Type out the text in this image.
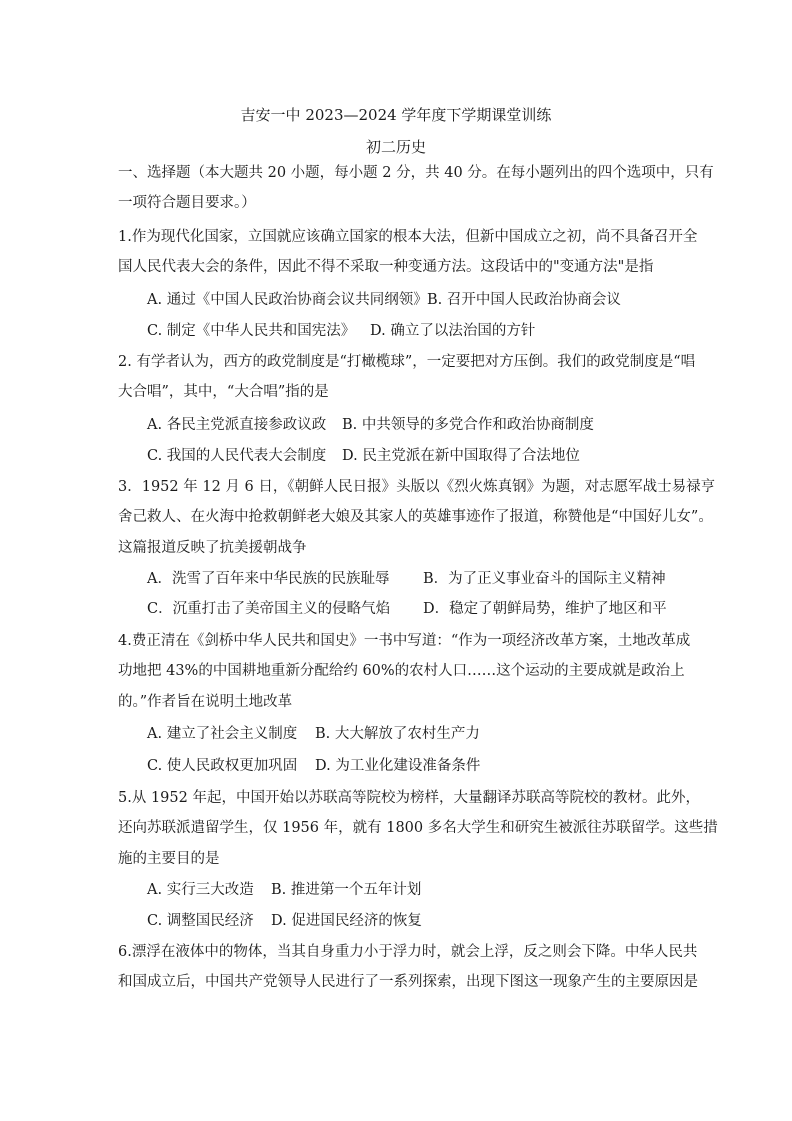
吉安一中 2023—2024 学年度下学期课堂训练
初二历史
一、选择题（本大题共 20 小题，每小题 2 分，共 40 分。在每小题列出的四个选项中，只有
一项符合题目要求。）
1.作为现代化国家，立国就应该确立国家的根本大法，但新中国成立之初，尚不具备召开全
国人民代表大会的条件，因此不得不采取一种变通方法。这段话中的"变通方法"是指
A. 通过《中国人民政治协商会议共同纲领》 B. 召开中国人民政治协商会议
C. 制定《中华人民共和国宪法》 D. 确立了以法治国的方针
2. 有学者认为，西方的政党制度是“打橄榄球”，一定要把对方压倒。我们的政党制度是“唱
大合唱”，其中，“大合唱”指的是
A. 各民主党派直接参政议政 B. 中共领导的多党合作和政治协商制度
C. 我国的人民代表大会制度 D. 民主党派在新中国取得了合法地位
3．1952 年 12 月 6 日，《朝鲜人民日报》头版以《烈火炼真钢》为题，对志愿军战士易禄亨
舍己救人、在火海中抢救朝鲜老大娘及其家人的英雄事迹作了报道，称赞他是“中国好儿女”。
这篇报道反映了抗美援朝战争
A．洗雪了百年来中华民族的民族耻辱 B．为了正义事业奋斗的国际主义精神
C．沉重打击了美帝国主义的侵略气焰 D．稳定了朝鲜局势，维护了地区和平
4.费正清在《剑桥中华人民共和国史》一书中写道：“作为一项经济改革方案，土地改革成
功地把 43%的中国耕地重新分配给约 60%的农村人口……这个运动的主要成就是政治上
的。”作者旨在说明土地改革
A. 建立了社会主义制度 B. 大大解放了农村生产力
C. 使人民政权更加巩固 D. 为工业化建设准备条件
5.从 1952 年起，中国开始以苏联高等院校为榜样，大量翻译苏联高等院校的教材。此外，
还向苏联派遣留学生，仅 1956 年，就有 1800 多名大学生和研究生被派往苏联留学。这些措
施的主要目的是
A. 实行三大改造 B. 推进第一个五年计划
C. 调整国民经济 D. 促进国民经济的恢复
6.漂浮在液体中的物体，当其自身重力小于浮力时，就会上浮，反之则会下降。中华人民共
和国成立后，中国共产党领导人民进行了一系列探索，出现下图这一现象产生的主要原因是
